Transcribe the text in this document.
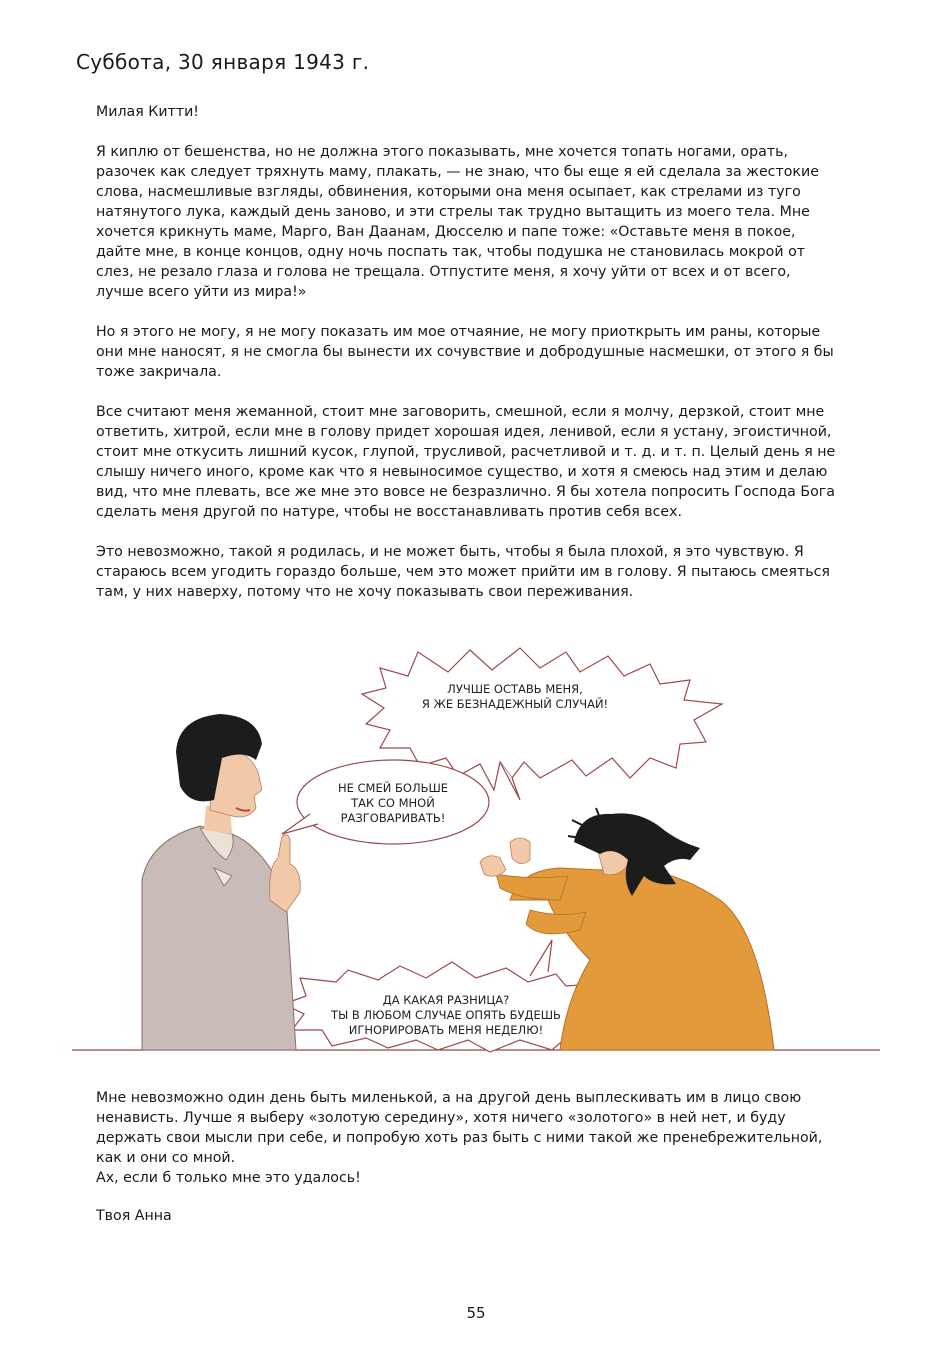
Суббота, 30 января 1943 г.
Милая Китти!

Я киплю от бешенства, но не должна этого показывать, мне хочется топать ногами, орать, разочек как следует тряхнуть маму, плакать, — не знаю, что бы еще я ей сделала за жестокие слова, насмешливые взгляды, обвинения, которыми она меня осыпает, как стрелами из туго натянутого лука, каждый день заново, и эти стрелы так трудно вытащить из моего тела. Мне хочется крикнуть маме, Марго, Ван Даанам, Дюсселю и папе тоже: «Оставьте меня в покое, дайте мне, в конце концов, одну ночь поспать так, чтобы подушка не становилась мокрой от слез, не резало глаза и голова не трещала. Отпустите меня, я хочу уйти от всех и от всего, лучше всего уйти из мира!»

Но я этого не могу, я не могу показать им мое отчаяние, не могу приоткрыть им раны, которые они мне наносят, я не смогла бы вынести их сочувствие и добродушные насмешки, от этого я бы тоже закричала.

Все считают меня жеманной, стоит мне заговорить, смешной, если я молчу, дерзкой, стоит мне ответить, хитрой, если мне в голову придет хорошая идея, ленивой, если я устану, эгоистичной, стоит мне откусить лишний кусок, глупой, трусливой, расчетливой и т. д. и т. п. Целый день я не слышу ничего иного, кроме как что я невыносимое существо, и хотя я смеюсь над этим и делаю вид, что мне плевать, все же мне это вовсе не безразлично. Я бы хотела попросить Господа Бога сделать меня другой по натуре, чтобы не восстанавливать против себя всех.

Это невозможно, такой я родилась, и не может быть, чтобы я была плохой, я это чувствую. Я стараюсь всем угодить гораздо больше, чем это может прийти им в голову. Я пытаюсь смеяться там, у них наверху, потому что не хочу показывать свои переживания.

ЛУЧШЕ ОСТАВЬ МЕНЯ,
Я ЖЕ БЕЗНАДЕЖНЫЙ СЛУЧАЙ!
НЕ СМЕЙ БОЛЬШЕ
ТАК СО МНОЙ
РАЗГОВАРИВАТЬ!
ДА КАКАЯ РАЗНИЦА?
ТЫ В ЛЮБОМ СЛУЧАЕ ОПЯТЬ БУДЕШЬ
ИГНОРИРОВАТЬ МЕНЯ НЕДЕЛЮ!
Мне невозможно один день быть миленькой, а на другой день выплескивать им в лицо свою ненависть. Лучше я выберу «золотую середину», хотя ничего «золотого» в ней нет, и буду держать свои мысли при себе, и попробую хоть раз быть с ними такой же пренебрежительной, как и они со мной.
Ах, если б только мне это удалось!
Твоя Анна
55
